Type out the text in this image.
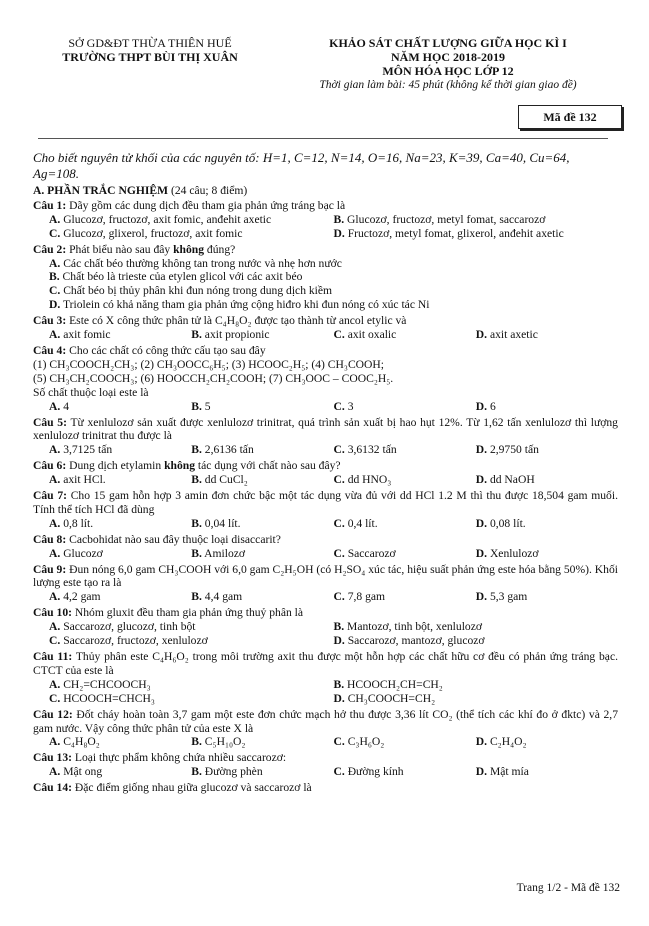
SỞ GD&ĐT THỪA THIÊN HUẾ
TRƯỜNG THPT BÙI THỊ XUÂN
KHẢO SÁT CHẤT LƯỢNG GIỮA HỌC KÌ I
NĂM HỌC 2018-2019
MÔN HÓA HỌC LỚP 12
Thời gian làm bài: 45 phút (không kể thời gian giao đề)
Mã đề 132
Cho biết nguyên tử khối của các nguyên tố: H=1, C=12, N=14, O=16, Na=23, K=39, Ca=40, Cu=64, Ag=108.
A. PHẦN TRẮC NGHIỆM (24 câu; 8 điểm)
Câu 1: Dãy gồm các dung dịch đều tham gia phản ứng tráng bạc là
A. Glucozơ, fructozơ, axit fomic, anđehit axetic	B. Glucozơ, fructozơ, metyl fomat, saccarozơ
C. Glucozơ, glixerol, fructozơ, axit fomic	D. Fructozơ, metyl fomat, glixerol, anđehit axetic
Câu 2: Phát biểu nào sau đây không đúng?
A. Các chất béo thường không tan trong nước và nhẹ hơn nước
B. Chất béo là trieste của etylen glicol với các axit béo
C. Chất béo bị thủy phân khi đun nóng trong dung dịch kiềm
D. Triolein có khả năng tham gia phản ứng cộng hiđro khi đun nóng có xúc tác Ni
Câu 3: Este có X công thức phân tử là C₄H₈O₂ được tạo thành từ ancol etylic và
A. axit fomic	B. axit propionic	C. axit oxalic	D. axit axetic
Câu 4: Cho các chất có công thức cấu tạo sau đây
(1) CH₃COOCH₂CH₃; (2) CH₃OOCC₆H₅; (3) HCOOC₂H₅; (4) CH₃COOH;
(5) CH₃CH₂COOCH₃; (6) HOOCCH₂CH₂COOH; (7) CH₃OOC – COOC₂H₅.
Số chất thuộc loại este là
A. 4	B. 5	C. 3	D. 6
Câu 5: Từ xenlulozơ sản xuất được xenlulozơ trinitrat, quá trình sản xuất bị hao hụt 12%. Từ 1,62 tấn xenlulozơ thì lượng xenlulozơ trinitrat thu được là
A. 3,7125 tấn	B. 2,6136 tấn	C. 3,6132 tấn	D. 2,9750 tấn
Câu 6: Dung dịch etylamin không tác dụng với chất nào sau đây?
A. axit HCl.	B. dd CuCl₂	C. dd HNO₃	D. dd NaOH
Câu 7: Cho 15 gam hỗn hợp 3 amin đơn chức bậc một tác dụng vừa đủ với dd HCl 1.2 M thì thu được 18,504 gam muối. Tính thể tích HCl đã dùng
A. 0,8 lít.	B. 0,04 lít.	C. 0,4 lít.	D. 0,08 lít.
Câu 8: Cacbohidat nào sau đây thuộc loại disaccarit?
A. Glucozơ	B. Amilozơ	C. Saccarozơ	D. Xenlulozơ
Câu 9: Đun nóng 6,0 gam CH₃COOH với 6,0 gam C₂H₅OH (có H₂SO₄ xúc tác, hiệu suất phản ứng este hóa bằng 50%). Khối lượng este tạo ra là
A. 4,2 gam	B. 4,4 gam	C. 7,8 gam	D. 5,3 gam
Câu 10: Nhóm gluxit đều tham gia phản ứng thuỷ phân là
A. Saccarozơ, glucozơ, tinh bột	B. Mantozơ, tinh bột, xenlulozơ
C. Saccarozơ, fructozơ, xenlulozơ	D. Saccarozơ, mantozơ, glucozơ
Câu 11: Thủy phân este C₄H₆O₂ trong môi trường axit thu được một hỗn hợp các chất hữu cơ đều có phản ứng tráng bạc. CTCT của este là
A. CH₂=CHCOOCH₃	B. HCOOCH₂CH=CH₂
C. HCOOCH=CHCH₃	D. CH₃COOCH=CH₂
Câu 12: Đốt cháy hoàn toàn 3,7 gam một este đơn chức mạch hở thu được 3,36 lít CO₂ (thể tích các khí đo ở đktc) và 2,7 gam nước. Vậy công thức phân tử của este X là
A. C₄H₈O₂	B. C₅H₁₀O₂	C. C₃H₆O₂	D. C₂H₄O₂
Câu 13: Loại thực phẩm không chứa nhiều saccarozơ:
A. Mật ong	B. Đường phèn	C. Đường kính	D. Mật mía
Câu 14: Đặc điểm giống nhau giữa glucozơ và saccarozơ là
Trang 1/2 - Mã đề 132
